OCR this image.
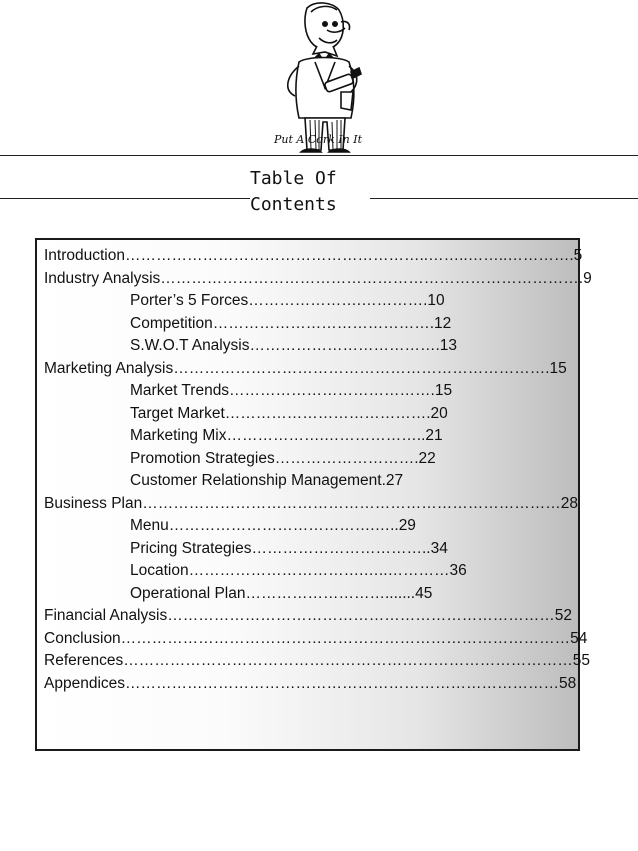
Put A Cork In It
Table Of
Contents
Introduction…………………………………………………..……..……..………….5
Industry Analysis……………………………………………………………………….9
Porter’s 5 Forces………………….………….10
Competition…………………………………….12
S.W.O.T Analysis……………………………….13
Marketing Analysis……………………………………………………………….15
Market Trends………………………………….15
Target Market………………………………….20
Marketing Mix……………….………………..21
Promotion Strategies……………………….22
Customer Relationship Management.27
Business Plan………………………………………………………………………28
Menu………………………………….…..29
Pricing Strategies……………………………..34
Location…………………………….…..…………36
Operational Plan……………………….......45
Financial Analysis…………………………………………………………………52
Conclusion……………………………………………………………………………54
References……………………………………………………………………………55
Appendices…………………………………………………………………………58
